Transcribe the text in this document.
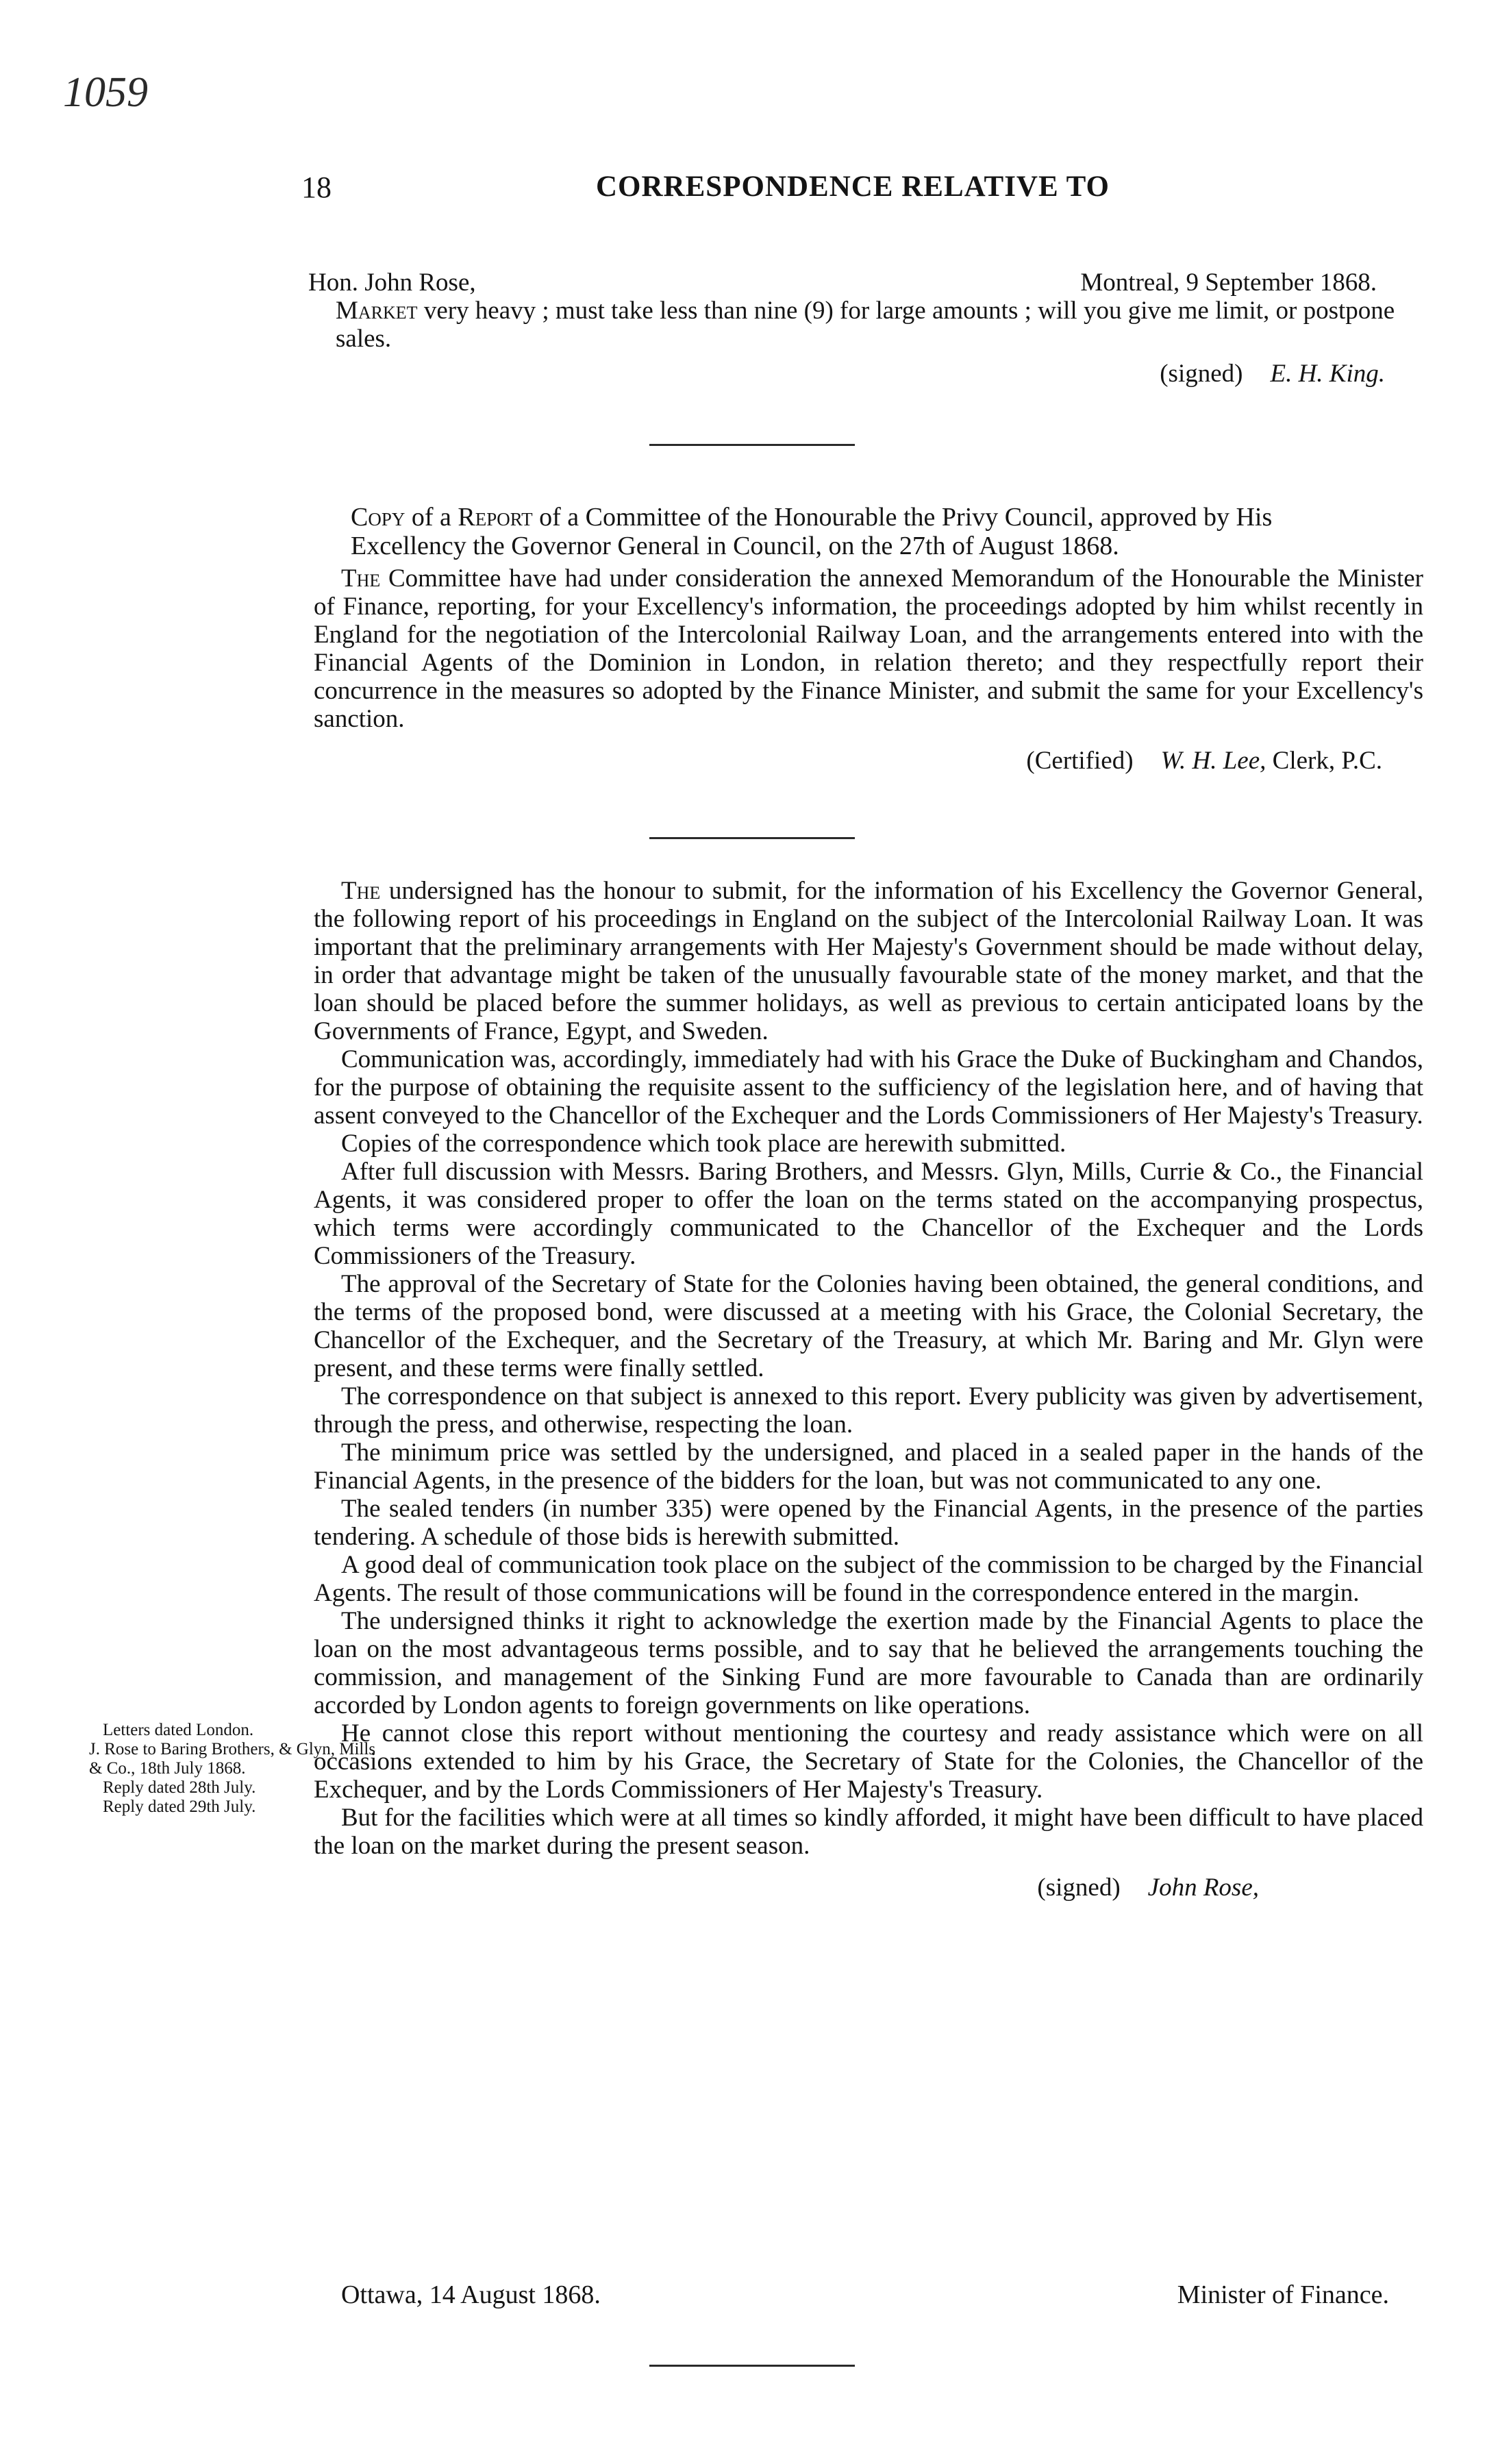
1059
18	CORRESPONDENCE RELATIVE TO
Hon. John Rose,	Montreal, 9 September 1868.
Market very heavy ; must take less than nine (9) for large amounts ; will you give me limit, or postpone sales.
(signed) E. H. King.
Copy of a Report of a Committee of the Honourable the Privy Council, approved by His Excellency the Governor General in Council, on the 27th of August 1868.

The Committee have had under consideration the annexed Memorandum of the Honourable the Minister of Finance, reporting, for your Excellency's information, the proceedings adopted by him whilst recently in England for the negotiation of the Intercolonial Railway Loan, and the arrangements entered into with the Financial Agents of the Dominion in London, in relation thereto; and they respectfully report their concurrence in the measures so adopted by the Finance Minister, and submit the same for your Excellency's sanction.

(Certified) W. H. Lee, Clerk, P.C.

The undersigned has the honour to submit, for the information of his Excellency the Governor General, the following report of his proceedings in England on the subject of the Intercolonial Railway Loan. It was important that the preliminary arrangements with Her Majesty's Government should be made without delay, in order that advantage might be taken of the unusually favourable state of the money market, and that the loan should be placed before the summer holidays, as well as previous to certain anticipated loans by the Governments of France, Egypt, and Sweden.

Communication was, accordingly, immediately had with his Grace the Duke of Buckingham and Chandos, for the purpose of obtaining the requisite assent to the sufficiency of the legislation here, and of having that assent conveyed to the Chancellor of the Exchequer and the Lords Commissioners of Her Majesty's Treasury.

Copies of the correspondence which took place are herewith submitted.

After full discussion with Messrs. Baring Brothers, and Messrs. Glyn, Mills, Currie & Co., the Financial Agents, it was considered proper to offer the loan on the terms stated on the accompanying prospectus, which terms were accordingly communicated to the Chancellor of the Exchequer and the Lords Commissioners of the Treasury.

The approval of the Secretary of State for the Colonies having been obtained, the general conditions, and the terms of the proposed bond, were discussed at a meeting with his Grace, the Colonial Secretary, the Chancellor of the Exchequer, and the Secretary of the Treasury, at which Mr. Baring and Mr. Glyn were present, and these terms were finally settled.

The correspondence on that subject is annexed to this report. Every publicity was given by advertisement, through the press, and otherwise, respecting the loan.

The minimum price was settled by the undersigned, and placed in a sealed paper in the hands of the Financial Agents, in the presence of the bidders for the loan, but was not communicated to any one.

The sealed tenders (in number 335) were opened by the Financial Agents, in the presence of the parties tendering. A schedule of those bids is herewith submitted.

A good deal of communication took place on the subject of the commission to be charged by the Financial Agents. The result of those communications will be found in the correspondence entered in the margin.

The undersigned thinks it right to acknowledge the exertion made by the Financial Agents to place the loan on the most advantageous terms possible, and to say that he believed the arrangements touching the commission, and management of the Sinking Fund are more favourable to Canada than are ordinarily accorded by London agents to foreign governments on like operations.

He cannot close this report without mentioning the courtesy and ready assistance which were on all occasions extended to him by his Grace, the Secretary of State for the Colonies, the Chancellor of the Exchequer, and by the Lords Commissioners of Her Majesty's Treasury.

But for the facilities which were at all times so kindly afforded, it might have been difficult to have placed the loan on the market during the present season.

(signed) John Rose,
Letters dated London.
J. Rose to Baring Brothers, & Glyn, Mills & Co., 18th July 1868.
Reply dated 28th July.
Reply dated 29th July.
Ottawa, 14 August 1868.	Minister of Finance.
